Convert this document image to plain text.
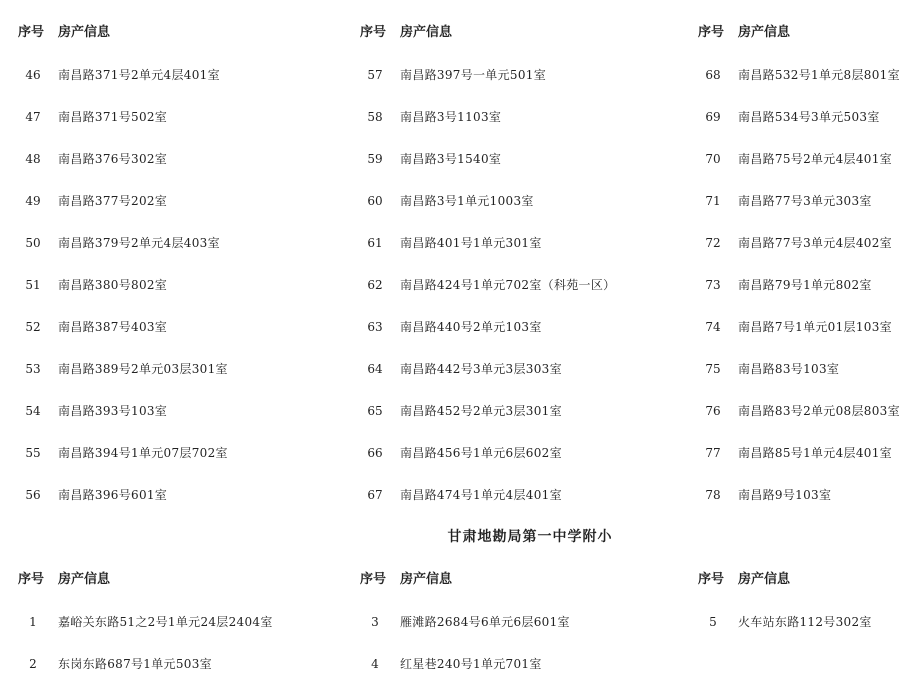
序号 房产信息
46	南昌路371号2单元4层401室
47	南昌路371号502室
48	南昌路376号302室
49	南昌路377号202室
50	南昌路379号2单元4层403室
51	南昌路380号802室
52	南昌路387号403室
53	南昌路389号2单元03层301室
54	南昌路393号103室
55	南昌路394号1单元07层702室
56	南昌路396号601室
序号 房产信息
57	南昌路397号一单元501室
58	南昌路3号1103室
59	南昌路3号1540室
60	南昌路3号1单元1003室
61	南昌路401号1单元301室
62	南昌路424号1单元702室（科苑一区）
63	南昌路440号2单元103室
64	南昌路442号3单元3层303室
65	南昌路452号2单元3层301室
66	南昌路456号1单元6层602室
67	南昌路474号1单元4层401室
序号 房产信息
68	南昌路532号1单元8层801室
69	南昌路534号3单元503室
70	南昌路75号2单元4层401室
71	南昌路77号3单元303室
72	南昌路77号3单元4层402室
73	南昌路79号1单元802室
74	南昌路7号1单元01层103室
75	南昌路83号103室
76	南昌路83号2单元08层803室
77	南昌路85号1单元4层401室
78	南昌路9号103室
甘肃地勘局第一中学附小
序号 房产信息
1	嘉峪关东路51之2号1单元24层2404室
2	东岗东路687号1单元503室
序号 房产信息
3	雁滩路2684号6单元6层601室
4	红星巷240号1单元701室
序号 房产信息
5	火车站东路112号302室
